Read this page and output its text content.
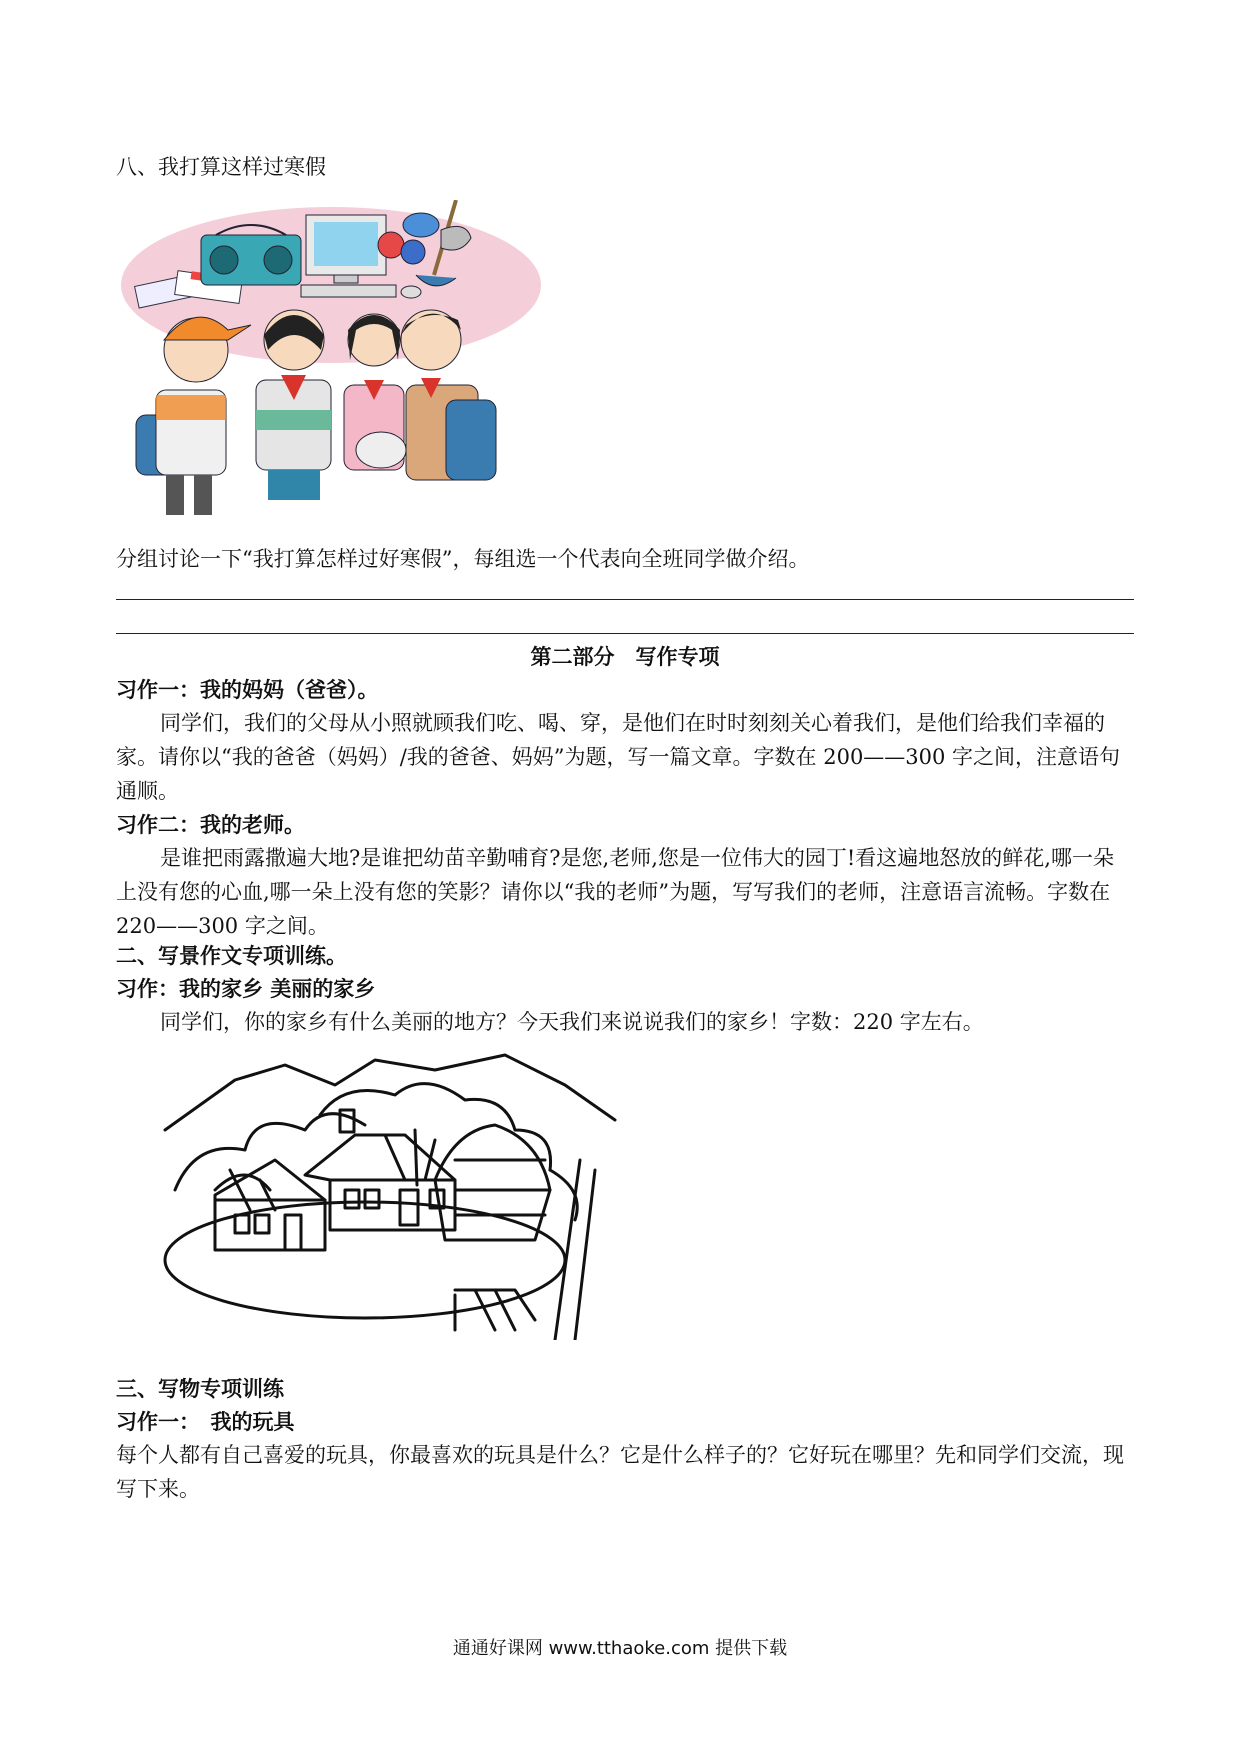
八、我打算这样过寒假
分组讨论一下“我打算怎样过好寒假”，每组选一个代表向全班同学做介绍。
第二部分　写作专项
习作一：我的妈妈（爸爸）。
同学们，我们的父母从小照就顾我们吃、喝、穿，是他们在时时刻刻关心着我们，是他们给我们幸福的家。请你以“我的爸爸（妈妈）/我的爸爸、妈妈”为题，写一篇文章。字数在 200——300 字之间，注意语句通顺。
习作二：我的老师。
是谁把雨露撒遍大地?是谁把幼苗辛勤哺育?是您,老师,您是一位伟大的园丁!看这遍地怒放的鲜花,哪一朵上没有您的心血,哪一朵上没有您的笑影？请你以“我的老师”为题，写写我们的老师，注意语言流畅。字数在 220——300 字之间。
二、写景作文专项训练。
习作：我的家乡 美丽的家乡
同学们，你的家乡有什么美丽的地方？今天我们来说说我们的家乡！字数：220 字左右。
三、写物专项训练
习作一：　我的玩具
每个人都有自己喜爱的玩具，你最喜欢的玩具是什么？它是什么样子的？它好玩在哪里？先和同学们交流，现写下来。
通通好课网 www.tthaoke.com 提供下载
